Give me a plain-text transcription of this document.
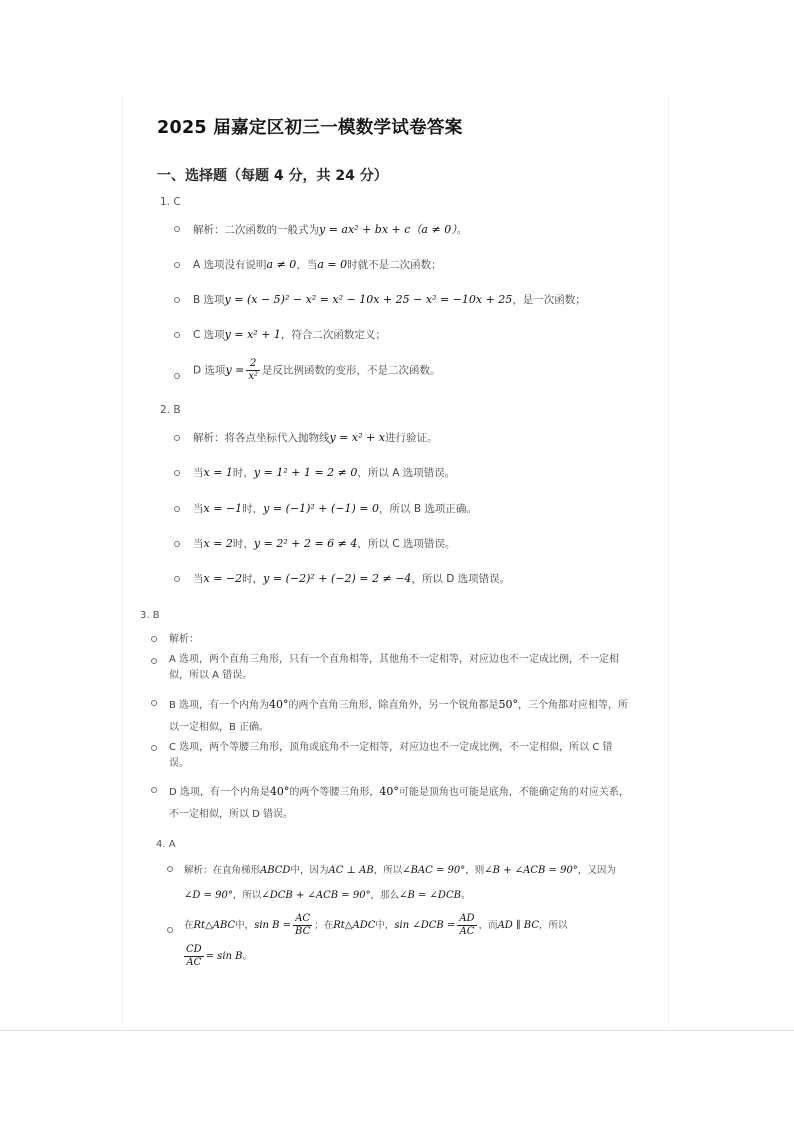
2025 届嘉定区初三一模数学试卷答案
一、选择题（每题 4 分，共 24 分）
1. C
解析：二次函数的一般式为y = ax² + bx + c（a ≠ 0）。
A 选项没有说明a ≠ 0，当a = 0时就不是二次函数；
B 选项y = (x − 5)² − x² = x² − 10x + 25 − x² = −10x + 25，是一次函数；
C 选项y = x² + 1，符合二次函数定义；
D 选项$y = \frac{2}{\text{x²}}$ 是反比例函数的变形，不是二次函数。
2. B
解析：将各点坐标代入抛物线y = x² + x进行验证。
当x = 1时，y = 1² + 1 = 2 ≠ 0，所以 A 选项错误。
当x = −1时，y = (−1)² + (−1) = 0，所以 B 选项正确。
当x = 2时，y = 2² + 2 = 6 ≠ 4，所以 C 选项错误。
当x = −2时，y = (−2)² + (−2) = 2 ≠ −4，所以 D 选项错误。
3. B
解析：
A 选项，两个直角三角形，只有一个直角相等，其他角不一定相等，对应边也不一定成比例，不一定相
似，所以 A 错误。
B 选项，有一个内角为40°的两个直角三角形，除直角外，另一个锐角都是50°，三个角都对应相等，所
以一定相似，B 正确。
C 选项，两个等腰三角形，顶角或底角不一定相等，对应边也不一定成比例，不一定相似，所以 C 错
误。
D 选项，有一个内角是40°的两个等腰三角形，40°可能是顶角也可能是底角，不能确定角的对应关系，
不一定相似，所以 D 错误。
4. A
解析：在直角梯形ABCD中，因为AC ⊥ AB，所以∠BAC = 90°，则∠B + ∠ACB = 90°，又因为
∠D = 90°，所以∠DCB + ∠ACB = 90°，那么∠B = ∠DCB。
在Rt△ABC中，$\sin B = \frac{AC}{BC}$ ；在Rt△ADC中，sin ∠DCB = $\frac{AD}{AC}$ ，而AD ∥ BC，所以
$\frac{CD}{AC} = \sin B$。
